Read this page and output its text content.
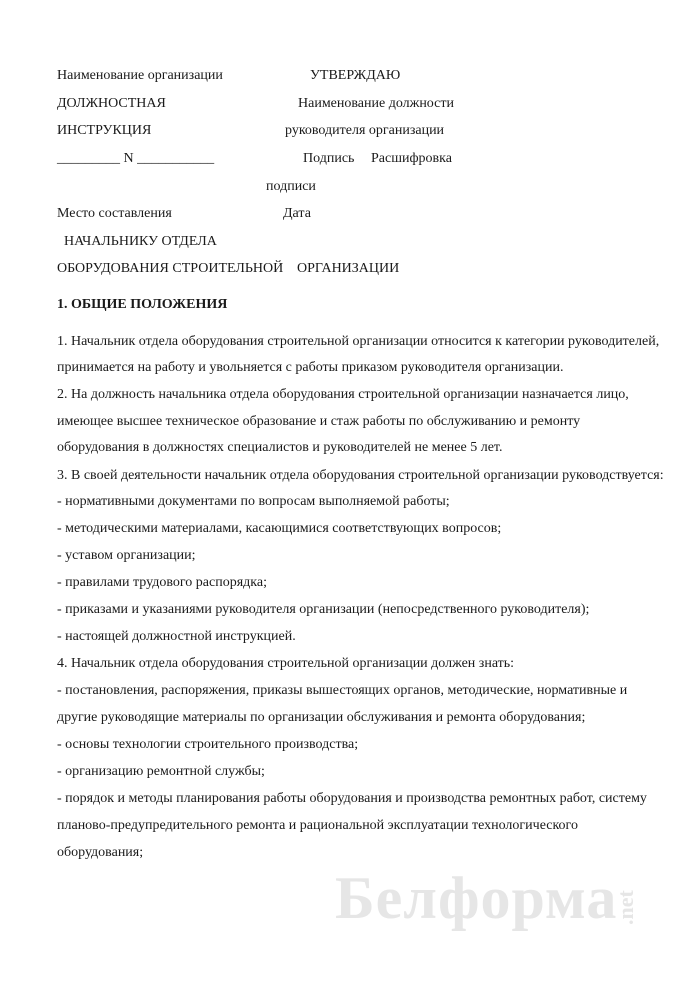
Наименование организации	УТВЕРЖДАЮ
ДОЛЖНОСТНАЯ	Наименование должности
ИНСТРУКЦИЯ	руководителя организации
_________ N ___________	Подпись Расшифровка
подписи
Место составления	Дата
НАЧАЛЬНИКУ ОТДЕЛА
ОБОРУДОВАНИЯ СТРОИТЕЛЬНОЙ ОРГАНИЗАЦИИ
1. ОБЩИЕ ПОЛОЖЕНИЯ
1. Начальник отдела оборудования строительной организации относится к категории руководителей,
принимается на работу и увольняется с работы приказом руководителя организации.
2. На должность начальника отдела оборудования строительной организации назначается лицо,
имеющее высшее техническое образование и стаж работы по обслуживанию и ремонту
оборудования в должностях специалистов и руководителей не менее 5 лет.
3. В своей деятельности начальник отдела оборудования строительной организации руководствуется:
- нормативными документами по вопросам выполняемой работы;
- методическими материалами, касающимися соответствующих вопросов;
- уставом организации;
- правилами трудового распорядка;
- приказами и указаниями руководителя организации (непосредственного руководителя);
- настоящей должностной инструкцией.
4. Начальник отдела оборудования строительной организации должен знать:
- постановления, распоряжения, приказы вышестоящих органов, методические, нормативные и
другие руководящие материалы по организации обслуживания и ремонта оборудования;
- основы технологии строительного производства;
- организацию ремонтной службы;
- порядок и методы планирования работы оборудования и производства ремонтных работ, систему
планово-предупредительного ремонта и рациональной эксплуатации технологического
оборудования;
Белформа
.net
